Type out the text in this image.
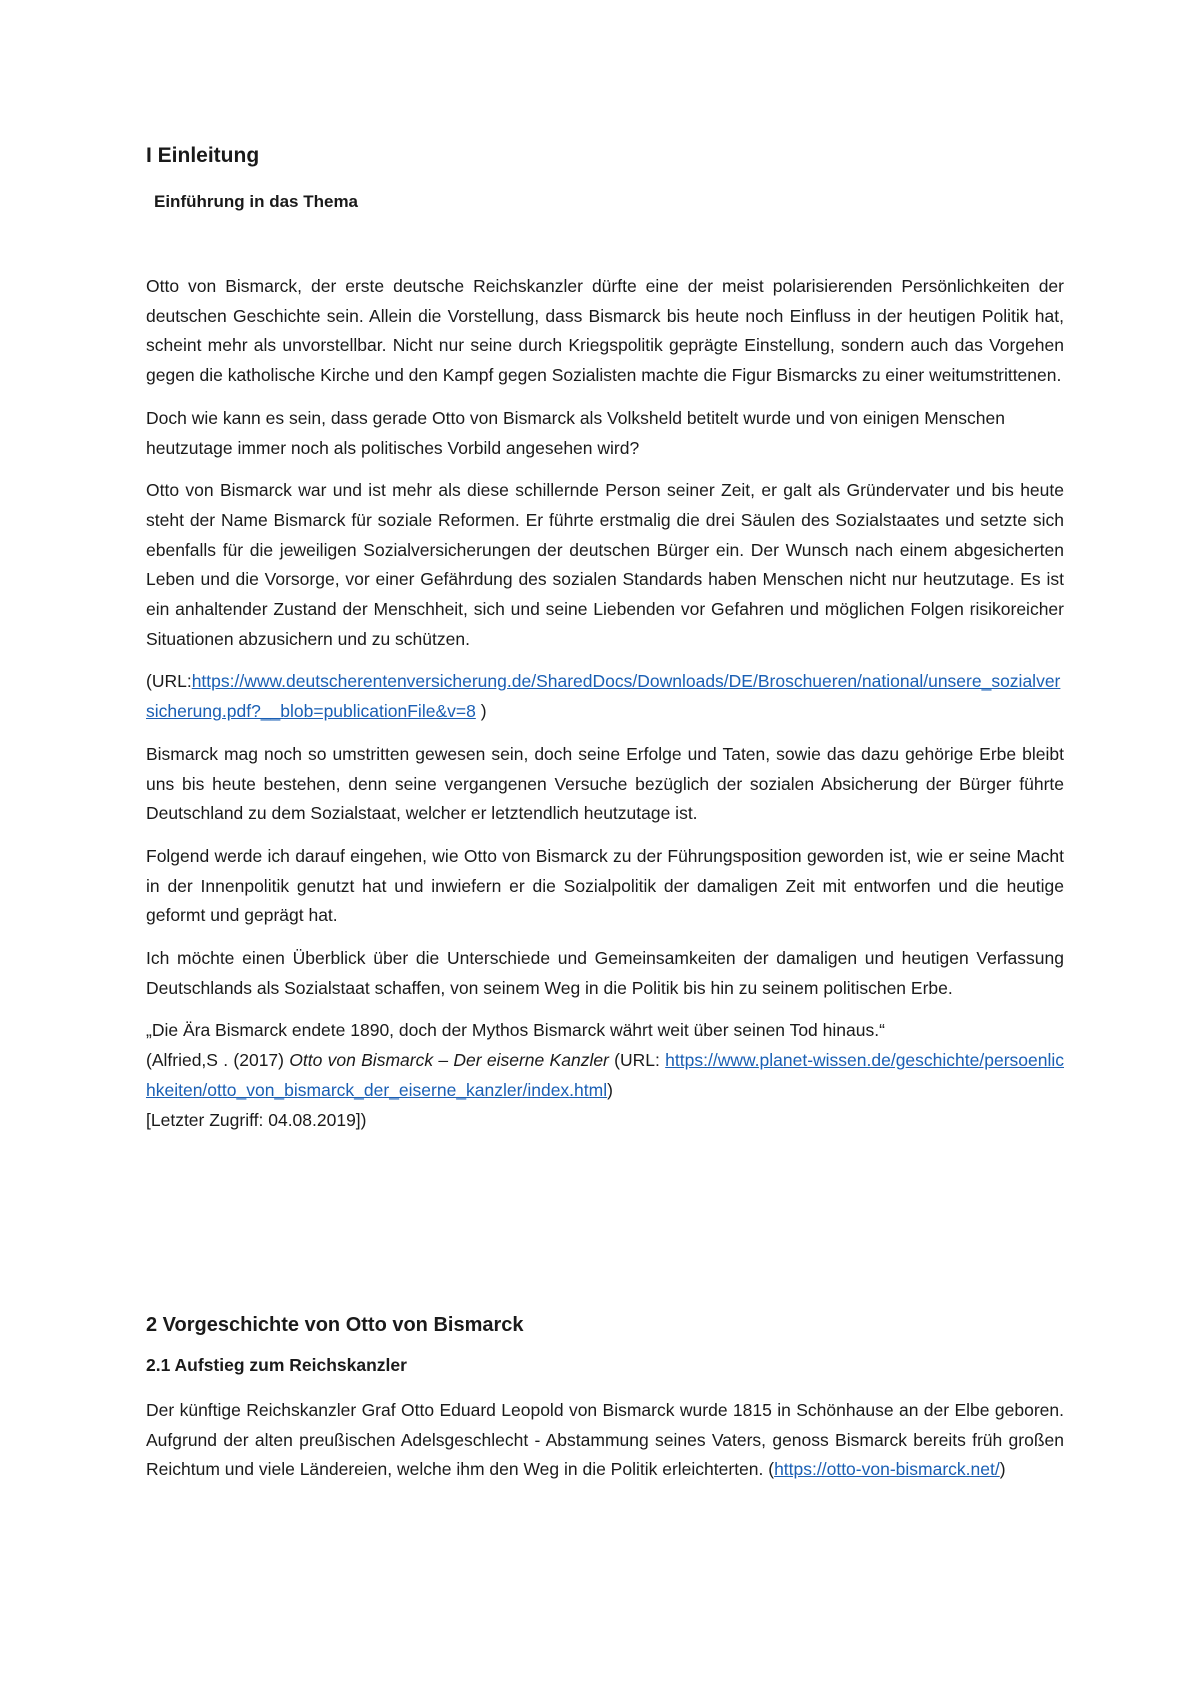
I Einleitung
Einführung in das Thema

Otto von Bismarck, der erste deutsche Reichskanzler dürfte eine der meist polarisierenden Persönlichkeiten der deutschen Geschichte sein. Allein die Vorstellung, dass Bismarck bis heute noch Einfluss in der heutigen Politik hat, scheint mehr als unvorstellbar. Nicht nur seine durch Kriegspolitik geprägte Einstellung, sondern auch das Vorgehen gegen die katholische Kirche und den Kampf gegen Sozialisten machte die Figur Bismarcks zu einer weitumstrittenen.

Doch wie kann es sein, dass gerade Otto von Bismarck als Volksheld betitelt wurde und von einigen Menschen heutzutage immer noch als politisches Vorbild angesehen wird?

Otto von Bismarck war und ist mehr als diese schillernde Person seiner Zeit, er galt als Gründervater und bis heute steht der Name Bismarck für soziale Reformen. Er führte erstmalig die drei Säulen des Sozialstaates und setzte sich ebenfalls für die jeweiligen Sozialversicherungen der deutschen Bürger ein. Der Wunsch nach einem abgesicherten Leben und die Vorsorge, vor einer Gefährdung des sozialen Standards haben Menschen nicht nur heutzutage. Es ist ein anhaltender Zustand der Menschheit, sich und seine Liebenden vor Gefahren und möglichen Folgen risikoreicher Situationen abzusichern und zu schützen.

(URL:https://www.deutscherentenversicherung.de/SharedDocs/Downloads/DE/Broschueren/national/unsere_sozialversicherung.pdf?__blob=publicationFile&v=8 )

Bismarck mag noch so umstritten gewesen sein, doch seine Erfolge und Taten, sowie das dazu gehörige Erbe bleibt uns bis heute bestehen, denn seine vergangenen Versuche bezüglich der sozialen Absicherung der Bürger führte Deutschland zu dem Sozialstaat, welcher er letztendlich heutzutage ist.

Folgend werde ich darauf eingehen, wie Otto von Bismarck zu der Führungsposition geworden ist, wie er seine Macht in der Innenpolitik genutzt hat und inwiefern er die Sozialpolitik der damaligen Zeit mit entworfen und die heutige geformt und geprägt hat.

Ich möchte einen Überblick über die Unterschiede und Gemeinsamkeiten der damaligen und heutigen Verfassung Deutschlands als Sozialstaat schaffen, von seinem Weg in die Politik bis hin zu seinem politischen Erbe.

„Die Ära Bismarck endete 1890, doch der Mythos Bismarck währt weit über seinen Tod hinaus.“
(Alfried,S . (2017) Otto von Bismarck – Der eiserne Kanzler (URL: https://www.planet-wissen.de/geschichte/persoenlichkeiten/otto_von_bismarck_der_eiserne_kanzler/index.html)
[Letzter Zugriff: 04.08.2019])

2 Vorgeschichte von Otto von Bismarck
2.1 Aufstieg zum Reichskanzler

Der künftige Reichskanzler Graf Otto Eduard Leopold von Bismarck wurde 1815 in Schönhause an der Elbe geboren. Aufgrund der alten preußischen Adelsgeschlecht - Abstammung seines Vaters, genoss Bismarck bereits früh großen Reichtum und viele Ländereien, welche ihm den Weg in die Politik erleichterten. (https://otto-von-bismarck.net/)
